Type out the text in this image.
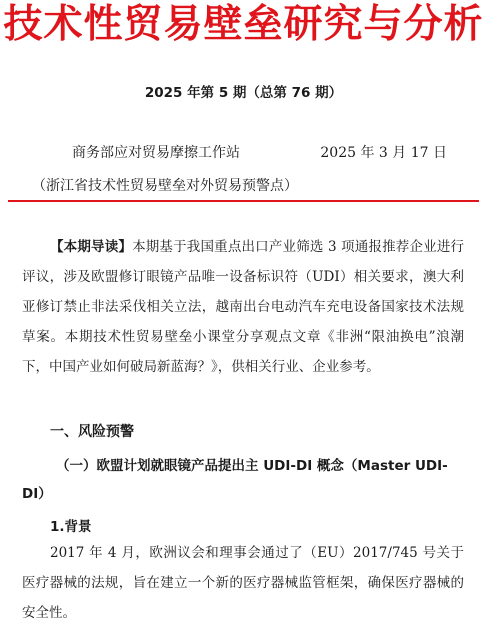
技术性贸易壁垒研究与分析
2025 年第 5 期（总第 76 期）
商务部应对贸易摩擦工作站	2025 年 3 月 17 日
（浙江省技术性贸易壁垒对外贸易预警点）
【本期导读】本期基于我国重点出口产业筛选 3 项通报推荐企业进行评议，涉及欧盟修订眼镜产品唯一设备标识符（UDI）相关要求，澳大利亚修订禁止非法采伐相关立法，越南出台电动汽车充电设备国家技术法规草案。本期技术性贸易壁垒小课堂分享观点文章《非洲“限油换电”浪潮下，中国产业如何破局新蓝海？》，供相关行业、企业参考。
一、风险预警
（一）欧盟计划就眼镜产品提出主 UDI-DI 概念（Master UDI-DI）
1.背景
2017 年 4 月，欧洲议会和理事会通过了（EU）2017/745 号关于医疗器械的法规，旨在建立一个新的医疗器械监管框架，确保医疗器械的安全性。
